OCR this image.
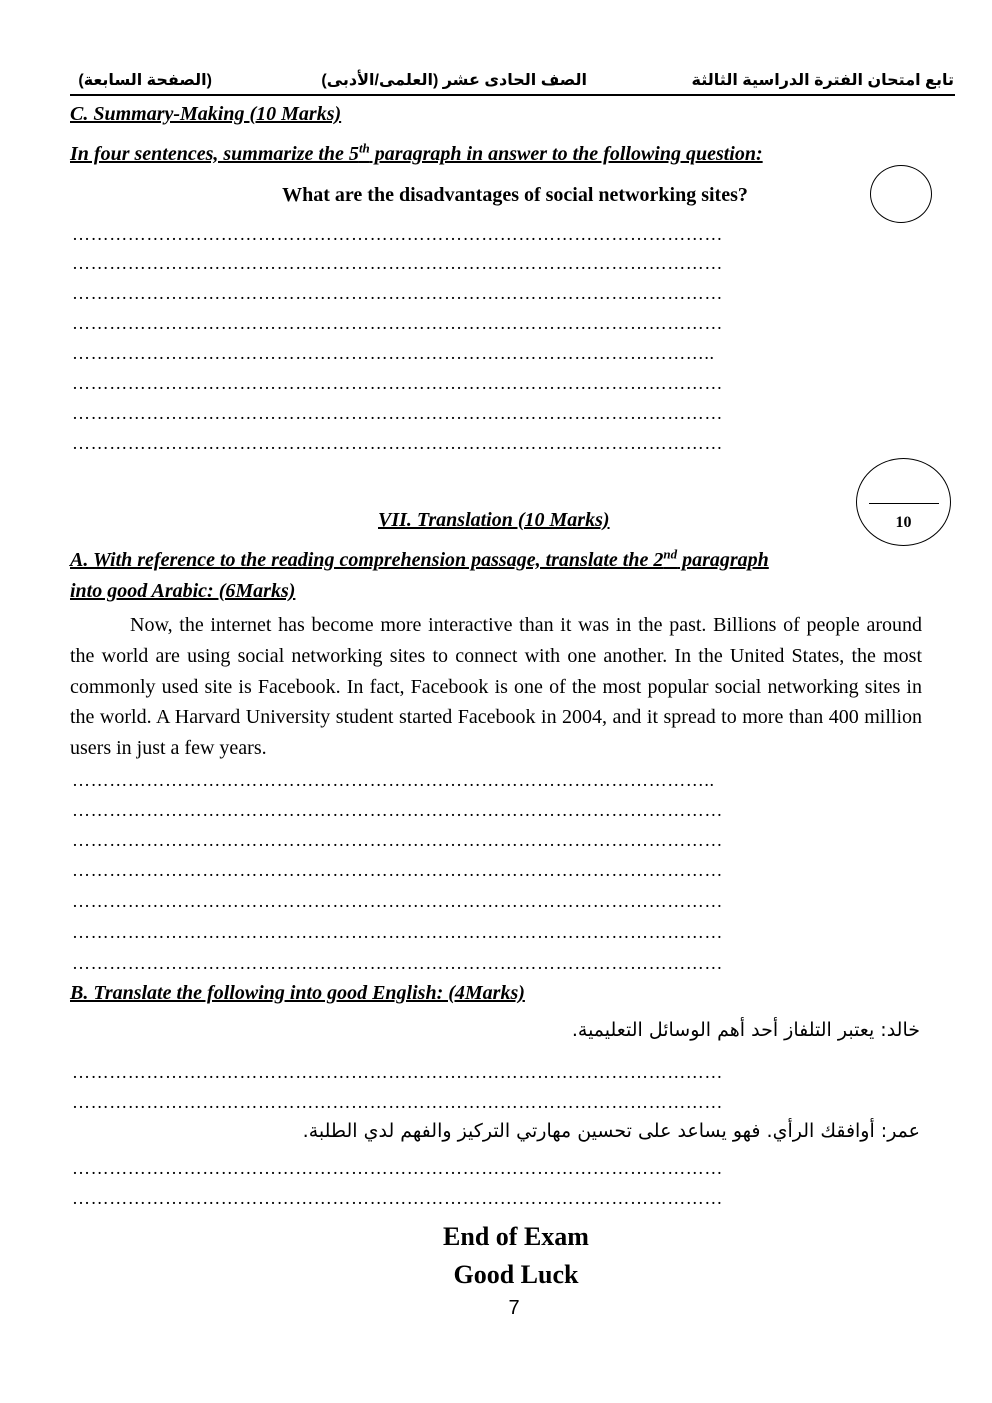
تابع امتحان الفترة الدراسية الثالثة
الصف الحادى عشر (العلمى/الأدبى)
(الصفحة السابعة)
C. Summary-Making (10 Marks)
In four sentences, summarize the 5th paragraph in answer to the following question:
What are the disadvantages of social networking sites?
……………………………………………………………………………………………
……………………………………………………………………………………………
……………………………………………………………………………………………
……………………………………………………………………………………………
…………………………………………………………………………………………..
……………………………………………………………………………………………
……………………………………………………………………………………………
……………………………………………………………………………………………
10
VII. Translation (10 Marks)
A. With reference to the reading comprehension passage, translate the 2nd paragraph
into good Arabic: (6Marks)
Now, the internet has become more interactive than it was in the past. Billions of people around the world are using social networking sites to connect with one another. In the United States, the most commonly used site is Facebook. In fact, Facebook is one of the most popular social networking sites in the world. A Harvard University student started Facebook in 2004, and it spread to more than 400 million users in just a few years.
…………………………………………………………………………………………..
……………………………………………………………………………………………
……………………………………………………………………………………………
……………………………………………………………………………………………
……………………………………………………………………………………………
……………………………………………………………………………………………
……………………………………………………………………………………………
B. Translate the following into good English: (4Marks)
خالد: يعتبر التلفاز أحد أهم الوسائل التعليمية.
……………………………………………………………………………………………
……………………………………………………………………………………………
عمر: أوافقك الرأي. فهو يساعد على تحسين مهارتي التركيز والفهم لدي الطلبة.
……………………………………………………………………………………………
……………………………………………………………………………………………
End of Exam
Good Luck
7
